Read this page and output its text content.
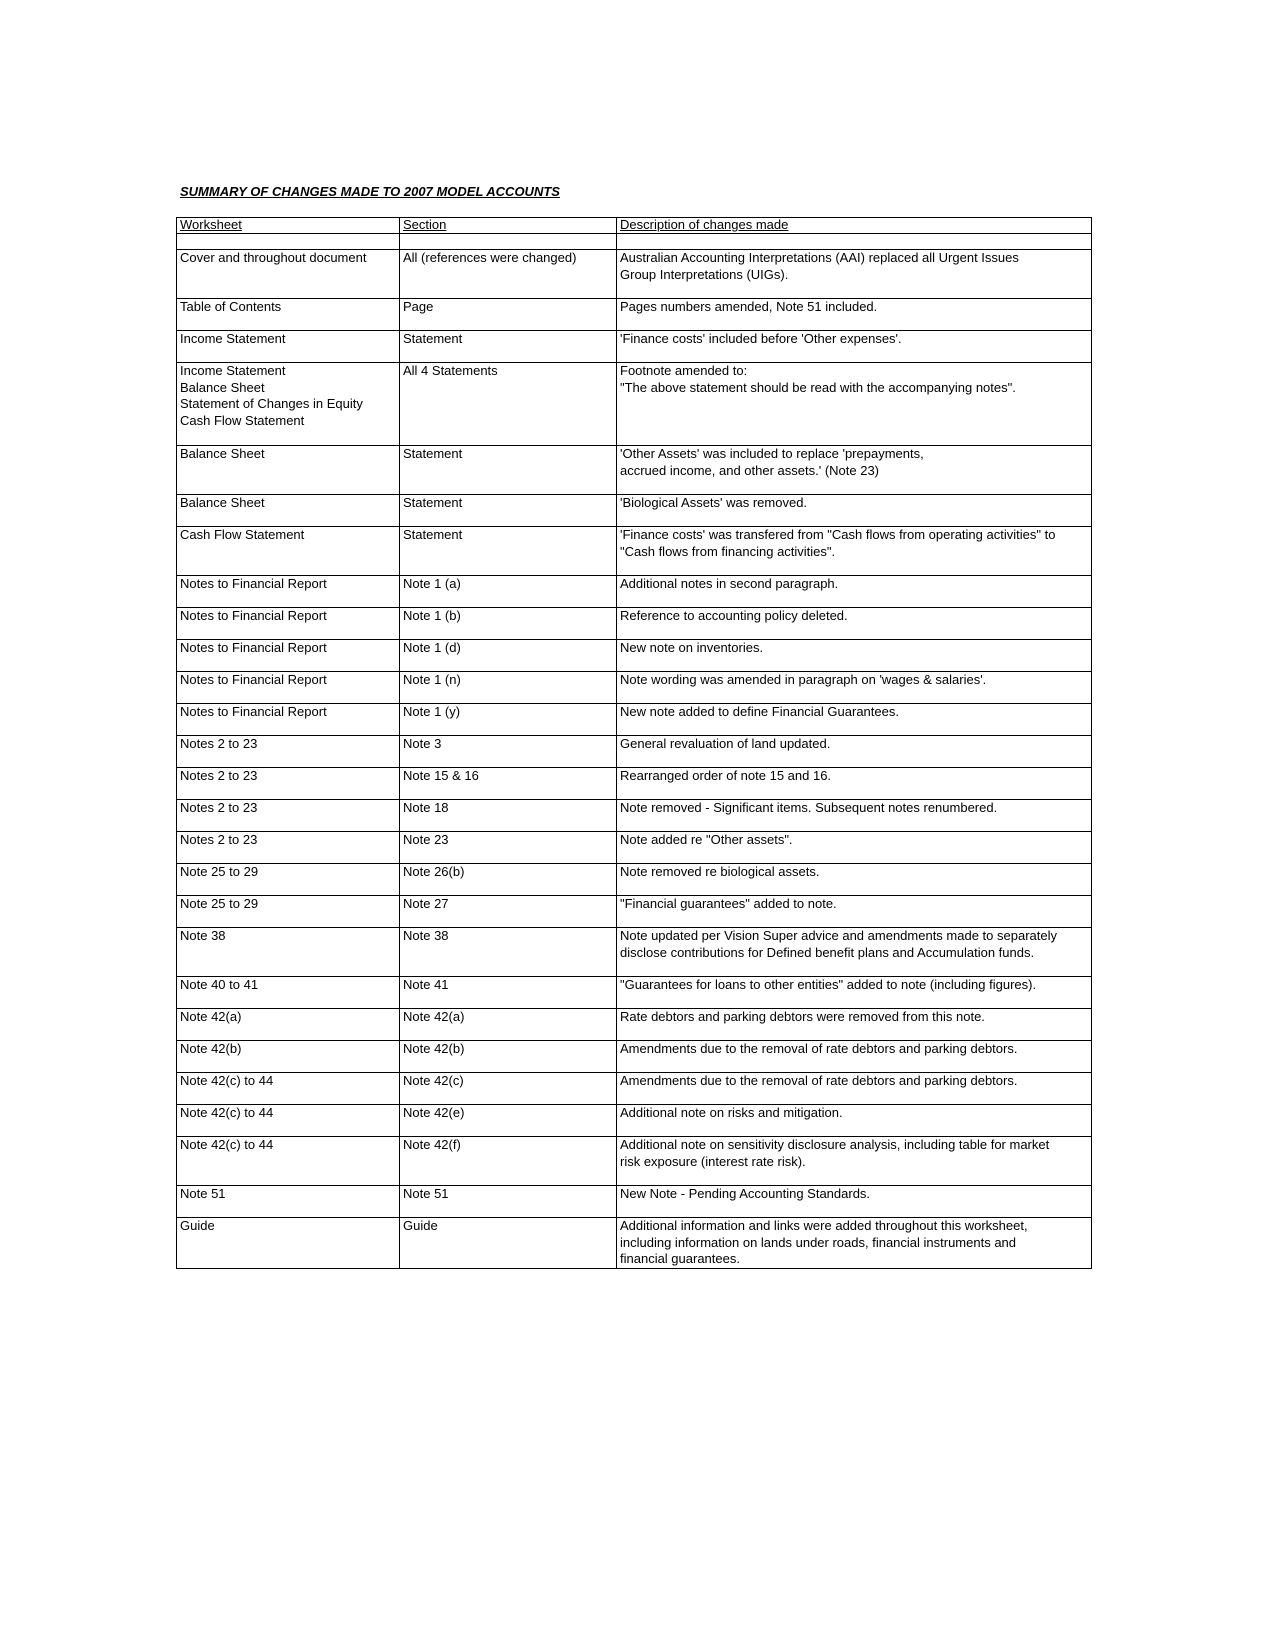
SUMMARY OF CHANGES MADE TO 2007 MODEL ACCOUNTS
Worksheet	Section	Description of changes made

Cover and throughout document	All (references were changed)	Australian Accounting Interpretations (AAI) replaced all Urgent Issues
Group Interpretations (UIGs).

Table of Contents	Page	Pages numbers amended, Note 51 included.

Income Statement	Statement	'Finance costs' included before 'Other expenses'.

Income Statement
Balance Sheet
Statement of Changes in Equity
Cash Flow Statement	All 4 Statements	Footnote amended to:
"The above statement should be read with the accompanying notes".

Balance Sheet	Statement	'Other Assets' was included to replace 'prepayments,
accrued income, and other assets.' (Note 23)

Balance Sheet	Statement	'Biological Assets' was removed.

Cash Flow Statement	Statement	'Finance costs' was transfered from "Cash flows from operating activities" to
"Cash flows from financing activities".

Notes to Financial Report	Note 1 (a)	Additional notes in second paragraph.

Notes to Financial Report	Note 1 (b)	Reference to accounting policy deleted.

Notes to Financial Report	Note 1 (d)	New note on inventories.

Notes to Financial Report	Note 1 (n)	Note wording was amended in paragraph on 'wages & salaries'.

Notes to Financial Report	Note 1 (y)	New note added to define Financial Guarantees.

Notes 2 to 23	Note 3	General revaluation of land updated.

Notes 2 to 23	Note 15 & 16	Rearranged order of note 15 and 16.

Notes 2 to 23	Note 18	Note removed - Significant items. Subsequent notes renumbered.

Notes 2 to 23	Note 23	Note added re "Other assets".

Note 25 to 29	Note 26(b)	Note removed re biological assets.

Note 25 to 29	Note 27	"Financial guarantees" added to note.

Note 38	Note 38	Note updated per Vision Super advice and amendments made to separately
disclose contributions for Defined benefit plans and Accumulation funds.

Note 40 to 41	Note 41	"Guarantees for loans to other entities" added to note (including figures).

Note 42(a)	Note 42(a)	Rate debtors and parking debtors were removed from this note.

Note 42(b)	Note 42(b)	Amendments due to the removal of rate debtors and parking debtors.

Note 42(c) to 44	Note 42(c)	Amendments due to the removal of rate debtors and parking debtors.

Note 42(c) to 44	Note 42(e)	Additional note on risks and mitigation.

Note 42(c) to 44	Note 42(f)	Additional note on sensitivity disclosure analysis, including table for market
risk exposure (interest rate risk).

Note 51	Note 51	New Note - Pending Accounting Standards.

Guide	Guide	Additional information and links were added throughout this worksheet,
including information on lands under roads, financial instruments and
financial guarantees.
